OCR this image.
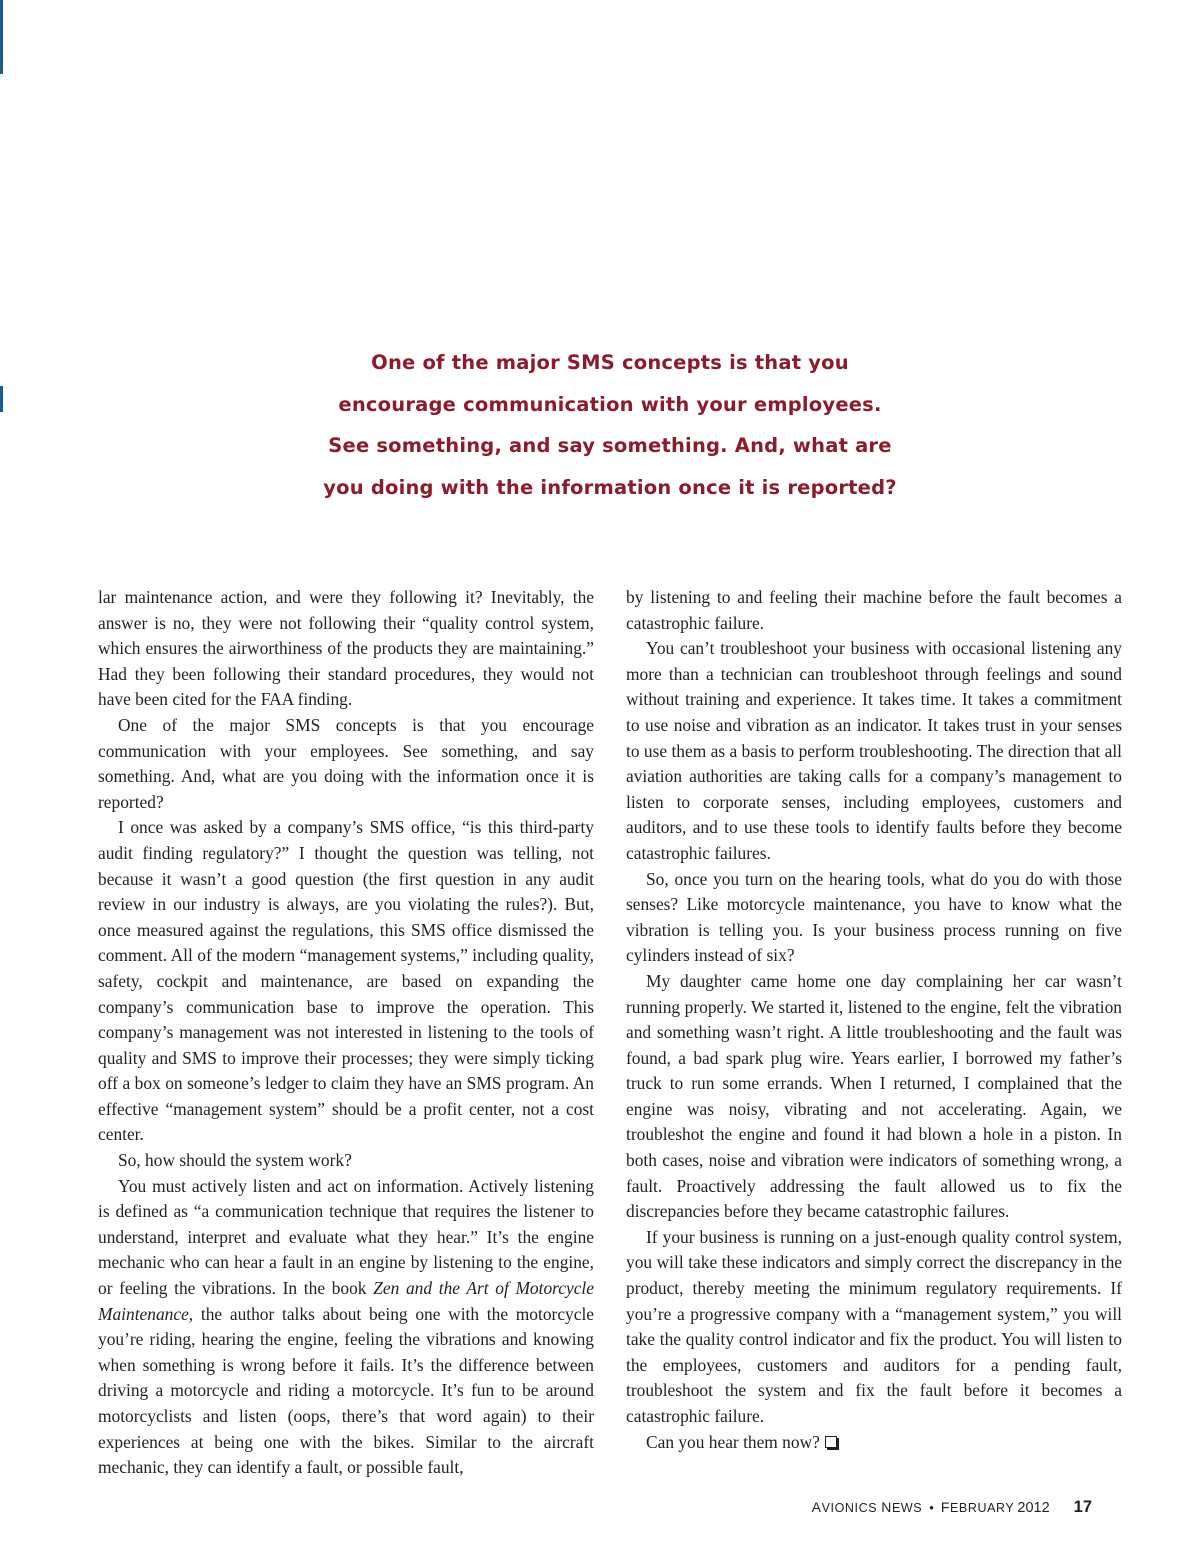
One of the major SMS concepts is that you
encourage communication with your employees.
See something, and say something. And, what are
you doing with the information once it is reported?

lar maintenance action, and were they following it? Inevitably, the answer is no, they were not following their “quality control system, which ensures the airworthiness of the products they are maintaining.” Had they been following their standard procedures, they would not have been cited for the FAA finding.

One of the major SMS concepts is that you encourage communication with your employees. See something, and say something. And, what are you doing with the information once it is reported?

I once was asked by a company’s SMS office, “is this third-party audit finding regulatory?” I thought the question was telling, not because it wasn’t a good question (the first question in any audit review in our industry is always, are you violating the rules?). But, once measured against the regulations, this SMS office dismissed the comment. All of the modern “management systems,” including quality, safety, cockpit and maintenance, are based on expanding the company’s communication base to improve the operation. This company’s management was not interested in listening to the tools of quality and SMS to improve their processes; they were simply ticking off a box on someone’s ledger to claim they have an SMS program. An effective “management system” should be a profit center, not a cost center.

So, how should the system work?

You must actively listen and act on information. Actively listening is defined as “a communication technique that requires the listener to understand, interpret and evaluate what they hear.” It’s the engine mechanic who can hear a fault in an engine by listening to the engine, or feeling the vibrations. In the book Zen and the Art of Motorcycle Maintenance, the author talks about being one with the motorcycle you’re riding, hearing the engine, feeling the vibrations and knowing when something is wrong before it fails. It’s the difference between driving a motorcycle and riding a motorcycle. It’s fun to be around motorcyclists and listen (oops, there’s that word again) to their experiences at being one with the bikes. Similar to the aircraft mechanic, they can identify a fault, or possible fault,

by listening to and feeling their machine before the fault becomes a catastrophic failure.

You can’t troubleshoot your business with occasional listening any more than a technician can troubleshoot through feelings and sound without training and experience. It takes time. It takes a commitment to use noise and vibration as an indicator. It takes trust in your senses to use them as a basis to perform troubleshooting. The direction that all aviation authorities are taking calls for a company’s management to listen to corporate senses, including employees, customers and auditors, and to use these tools to identify faults before they become catastrophic failures.

So, once you turn on the hearing tools, what do you do with those senses? Like motorcycle maintenance, you have to know what the vibration is telling you. Is your business process running on five cylinders instead of six?

My daughter came home one day complaining her car wasn’t running properly. We started it, listened to the engine, felt the vibration and something wasn’t right. A little troubleshooting and the fault was found, a bad spark plug wire. Years earlier, I borrowed my father’s truck to run some errands. When I returned, I complained that the engine was noisy, vibrating and not accelerating. Again, we troubleshot the engine and found it had blown a hole in a piston. In both cases, noise and vibration were indicators of something wrong, a fault. Proactively addressing the fault allowed us to fix the discrepancies before they became catastrophic failures.

If your business is running on a just-enough quality control system, you will take these indicators and simply correct the discrepancy in the product, thereby meeting the minimum regulatory requirements. If you’re a progressive company with a “management system,” you will take the quality control indicator and fix the product. You will listen to the employees, customers and auditors for a pending fault, troubleshoot the system and fix the fault before it becomes a catastrophic failure.

Can you hear them now?

AVIONICS NEWS • FEBRUARY 2012 17
